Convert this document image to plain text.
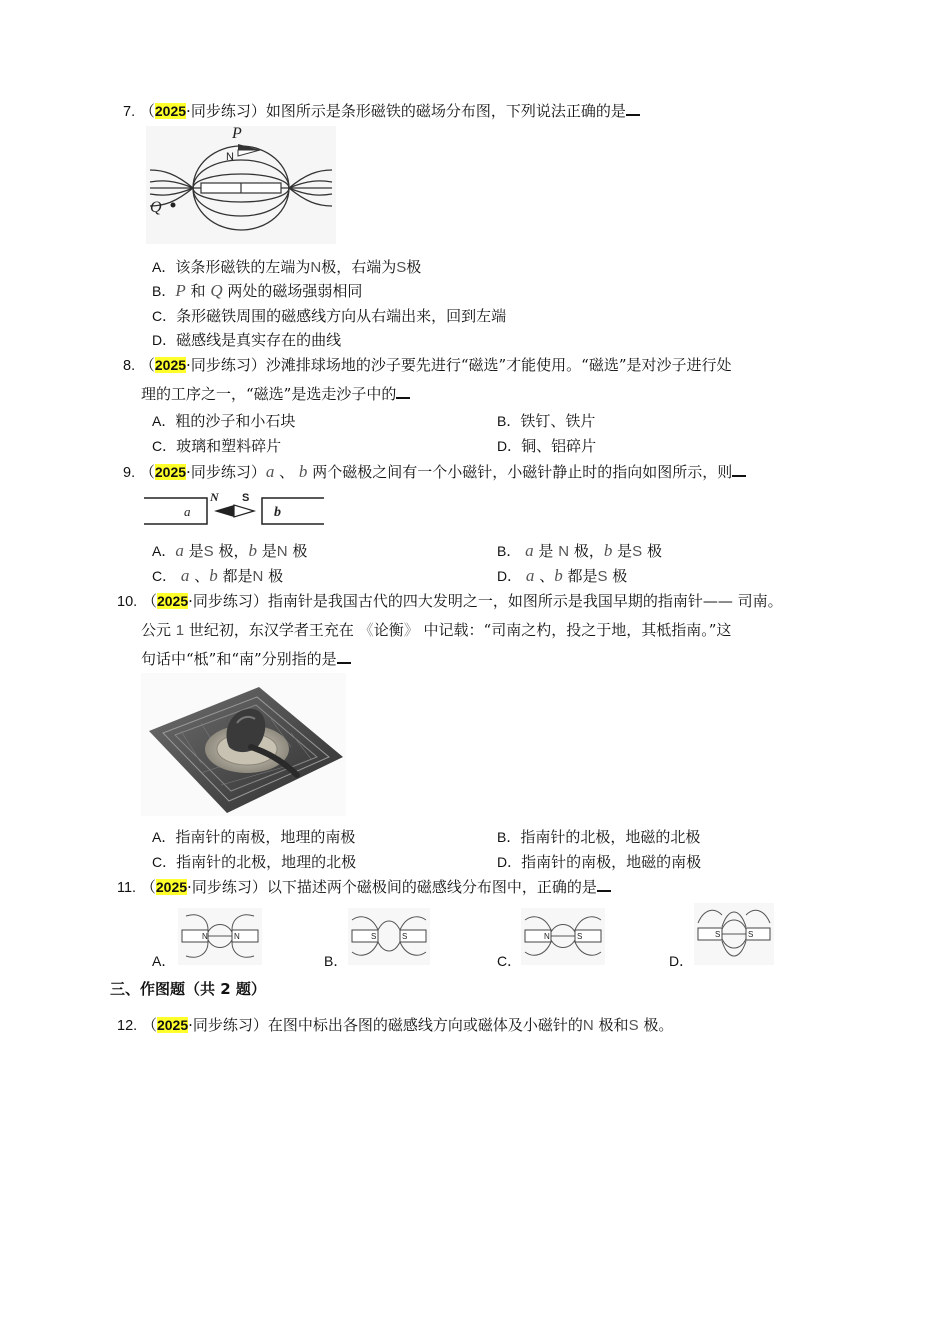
7. （2025·同步练习）如图所示是条形磁铁的磁场分布图，下列说法正确的是
P
N
Q
A．该条形磁铁的左端为N极，右端为S极
B．P 和 Q 两处的磁场强弱相同
C．条形磁铁周围的磁感线方向从右端出来，回到左端
D．磁感线是真实存在的曲线
8. （2025·同步练习）沙滩排球场地的沙子要先进行“磁选”才能使用。“磁选”是对沙子进行处
理的工序之一，“磁选”是选走沙子中的
A．粗的沙子和小石块	B．铁钉、铁片
C．玻璃和塑料碎片	D．铜、铝碎片
9. （2025·同步练习）a 、 b 两个磁极之间有一个小磁针，小磁针静止时的指向如图所示，则
a	b
N S
A．a 是S 极，b 是N 极	B． a 是 N 极，b 是S 极
C． a 、b 都是N 极	D． a 、b 都是S 极
10. （2025·同步练习）指南针是我国古代的四大发明之一，如图所示是我国早期的指南针—— 司南。
公元 1 世纪初，东汉学者王充在 《论衡》 中记载：“司南之杓，投之于地，其柢指南。”这
句话中“柢”和“南”分别指的是
A．指南针的南极，地理的南极	B．指南针的北极，地磁的北极
C．指南针的北极，地理的北极	D．指南针的南极，地磁的南极
11. （2025·同步练习）以下描述两个磁极间的磁感线分布图中，正确的是
A．
N	N
B．
S	S
C．
N	S
D．
S	S
三、作图题（共 2 题）
12. （2025·同步练习）在图中标出各图的磁感线方向或磁体及小磁针的N 极和S 极。
